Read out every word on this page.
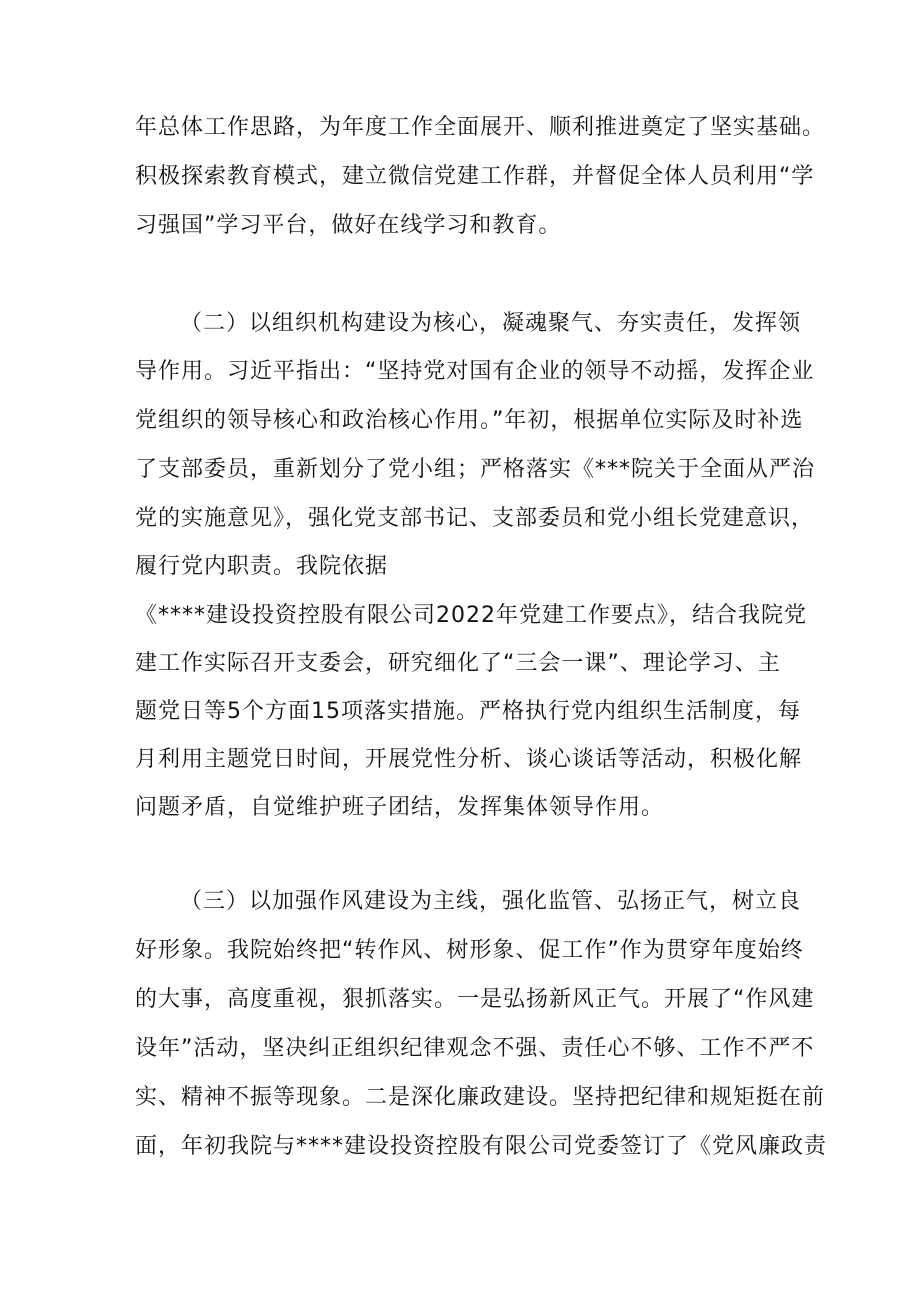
年总体工作思路，为年度工作全面展开、顺利推进奠定了坚实基础。
积极探索教育模式，建立微信党建工作群，并督促全体人员利用“学
习强国”学习平台，做好在线学习和教育。
（二）以组织机构建设为核心，凝魂聚气、夯实责任，发挥领
导作用。习近平指出：“坚持党对国有企业的领导不动摇，发挥企业
党组织的领导核心和政治核心作用。”年初，根据单位实际及时补选
了支部委员，重新划分了党小组；严格落实《***院关于全面从严治
党的实施意见》，强化党支部书记、支部委员和党小组长党建意识，
履行党内职责。我院依据
《****建设投资控股有限公司2022年党建工作要点》，结合我院党
建工作实际召开支委会，研究细化了“三会一课”、理论学习、主
题党日等5个方面15项落实措施。严格执行党内组织生活制度，每
月利用主题党日时间，开展党性分析、谈心谈话等活动，积极化解
问题矛盾，自觉维护班子团结，发挥集体领导作用。
（三）以加强作风建设为主线，强化监管、弘扬正气，树立良
好形象。我院始终把“转作风、树形象、促工作”作为贯穿年度始终
的大事，高度重视，狠抓落实。一是弘扬新风正气。开展了“作风建
设年”活动，坚决纠正组织纪律观念不强、责任心不够、工作不严不
实、精神不振等现象。二是深化廉政建设。坚持把纪律和规矩挺在前
面，年初我院与****建设投资控股有限公司党委签订了《党风廉政责
